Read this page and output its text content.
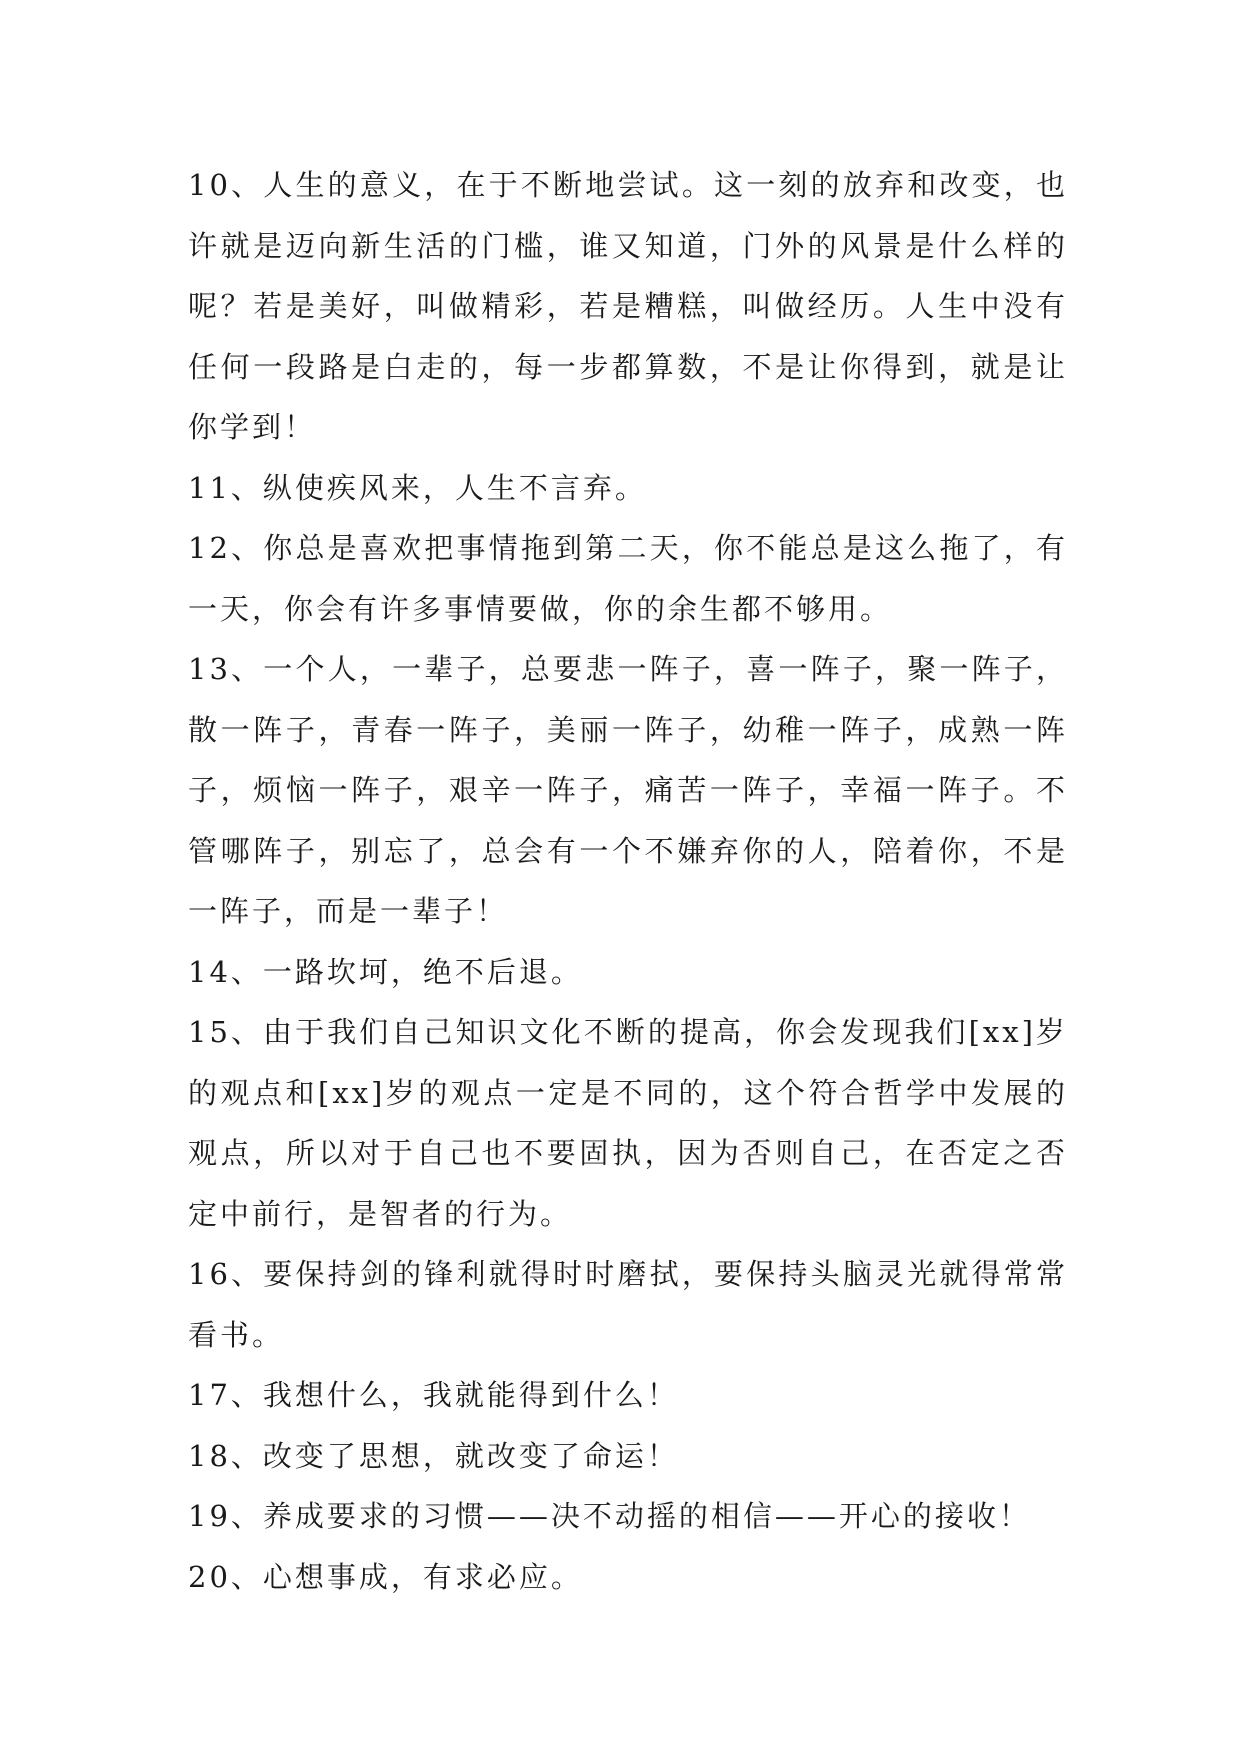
10、人生的意义，在于不断地尝试。这一刻的放弃和改变，也许就是迈向新生活的门槛，谁又知道，门外的风景是什么样的呢？若是美好，叫做精彩，若是糟糕，叫做经历。人生中没有任何一段路是白走的，每一步都算数，不是让你得到，就是让你学到！

11、纵使疾风来，人生不言弃。

12、你总是喜欢把事情拖到第二天，你不能总是这么拖了，有一天，你会有许多事情要做，你的余生都不够用。

13、一个人，一辈子，总要悲一阵子，喜一阵子，聚一阵子，散一阵子，青春一阵子，美丽一阵子，幼稚一阵子，成熟一阵子，烦恼一阵子，艰辛一阵子，痛苦一阵子，幸福一阵子。不管哪阵子，别忘了，总会有一个不嫌弃你的人，陪着你，不是一阵子，而是一辈子！

14、一路坎坷，绝不后退。

15、由于我们自己知识文化不断的提高，你会发现我们[xx]岁的观点和[xx]岁的观点一定是不同的，这个符合哲学中发展的观点，所以对于自己也不要固执，因为否则自己，在否定之否定中前行，是智者的行为。

16、要保持剑的锋利就得时时磨拭，要保持头脑灵光就得常常看书。

17、我想什么，我就能得到什么！

18、改变了思想，就改变了命运！

19、养成要求的习惯——决不动摇的相信——开心的接收！

20、心想事成，有求必应。
